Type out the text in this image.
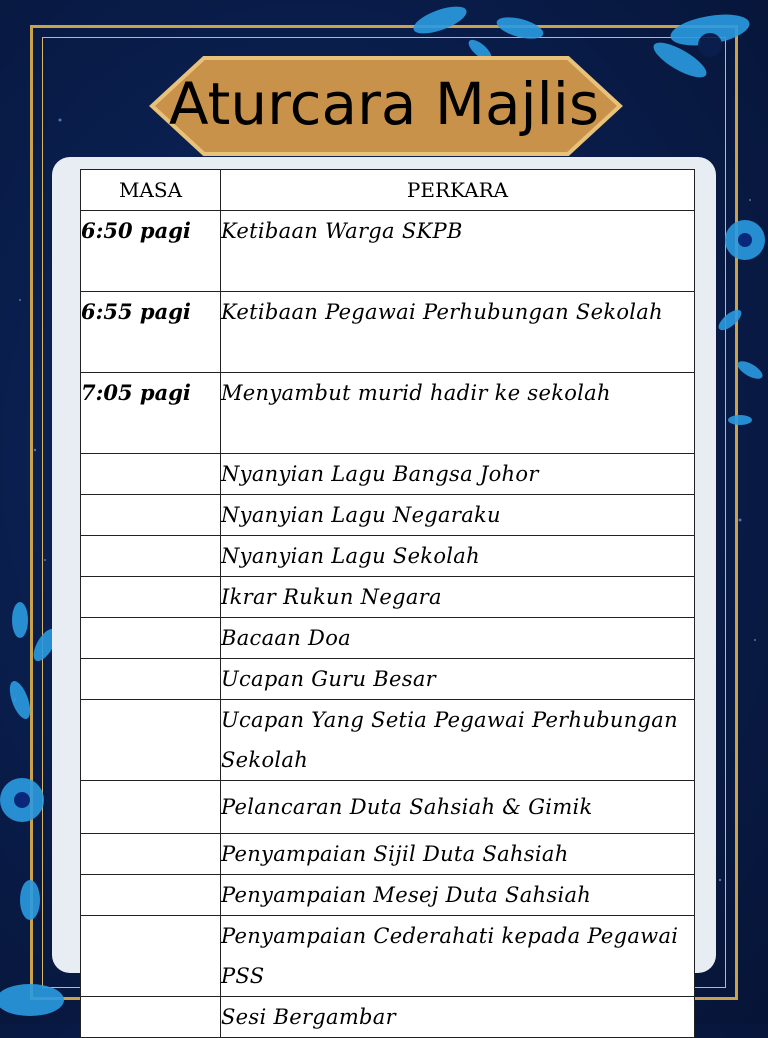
Aturcara Majlis
MASA	PERKARA
6:50 pagi	Ketibaan Warga SKPB
6:55 pagi	Ketibaan Pegawai Perhubungan Sekolah
7:05 pagi	Menyambut murid hadir ke sekolah
	Nyanyian Lagu Bangsa Johor
	Nyanyian Lagu Negaraku
	Nyanyian Lagu Sekolah
	Ikrar Rukun Negara
	Bacaan Doa
	Ucapan Guru Besar
	Ucapan Yang Setia Pegawai Perhubungan Sekolah
	Pelancaran Duta Sahsiah & Gimik
	Penyampaian Sijil Duta Sahsiah
	Penyampaian Mesej Duta Sahsiah
	Penyampaian Cederahati kepada Pegawai PSS
	Sesi Bergambar
